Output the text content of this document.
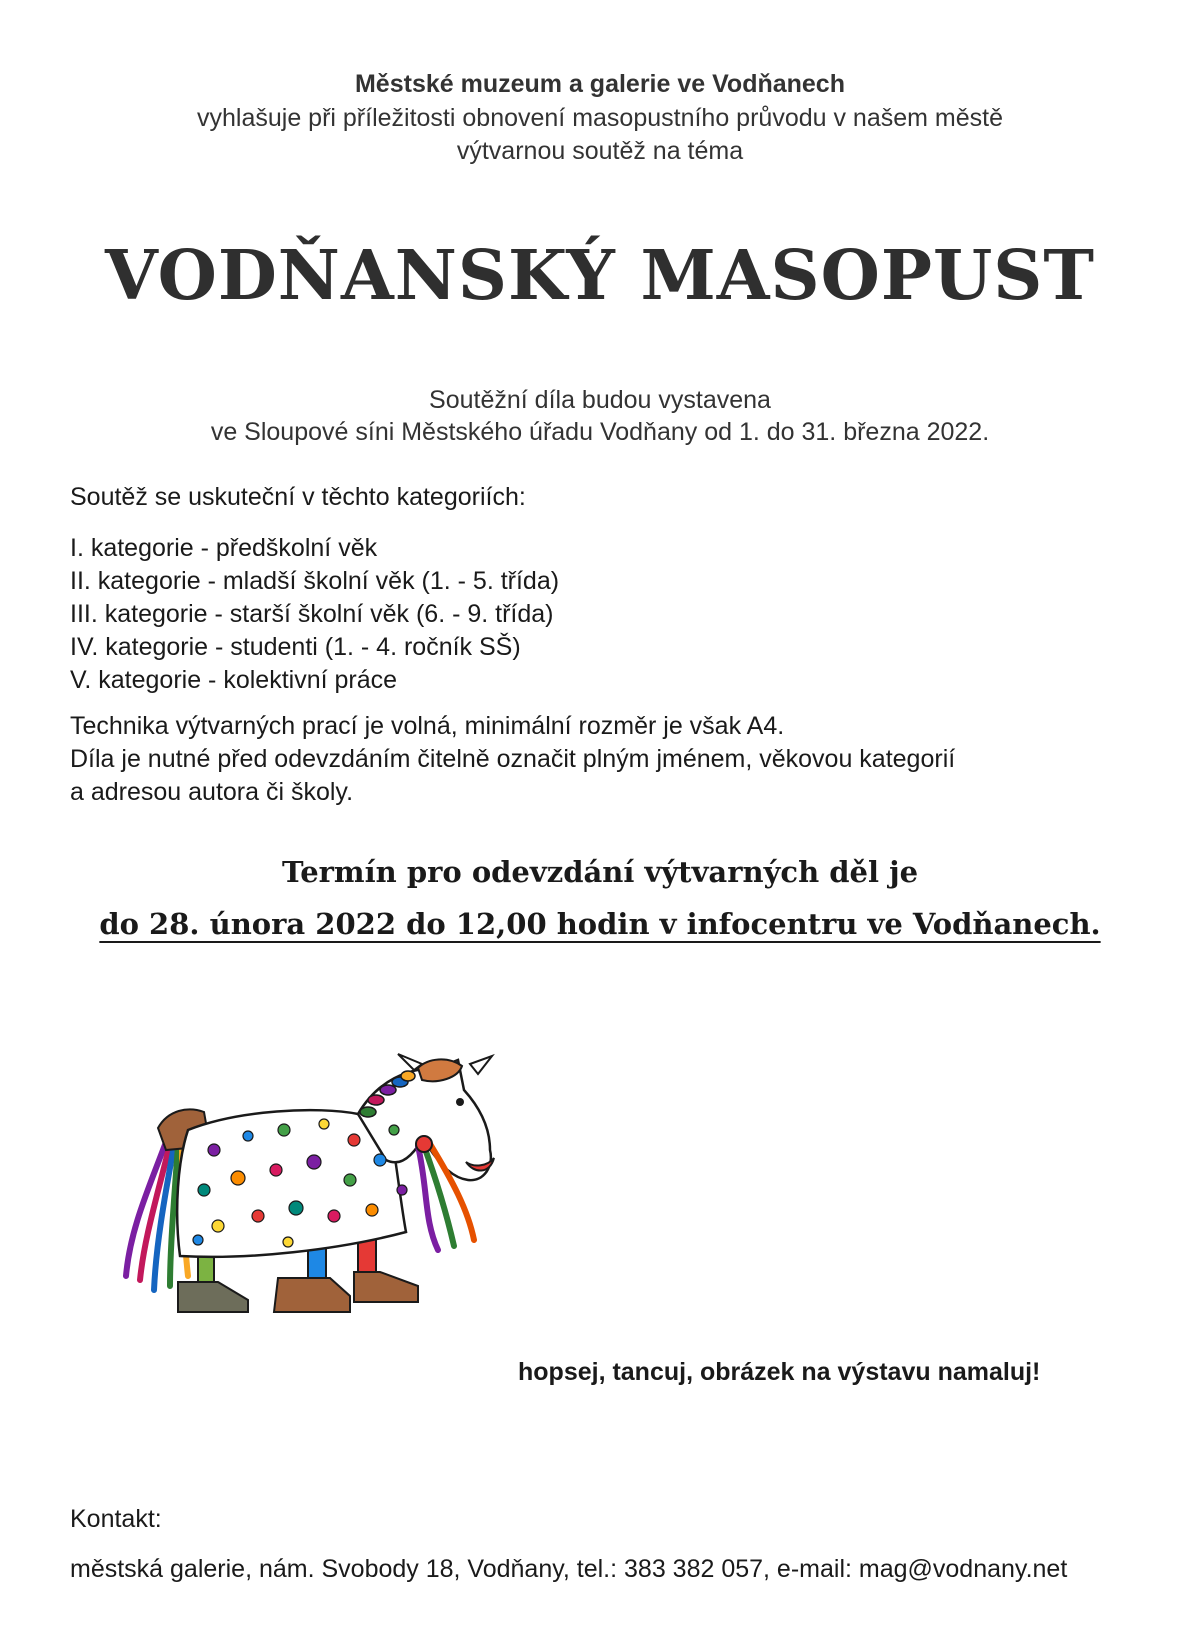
Městské muzeum a galerie ve Vodňanech
vyhlašuje při příležitosti obnovení masopustního průvodu v našem městě
výtvarnou soutěž na téma
VODŇANSKÝ MASOPUST
Soutěžní díla budou vystavena
ve Sloupové síni Městského úřadu Vodňany od 1. do 31. března 2022.
Soutěž se uskuteční v těchto kategoriích:
I. kategorie - předškolní věk
II. kategorie - mladší školní věk (1. - 5. třída)
III. kategorie - starší školní věk (6. - 9. třída)
IV. kategorie - studenti (1. - 4. ročník SŠ)
V. kategorie - kolektivní práce
Technika výtvarných prací je volná, minimální rozměr je však A4.
Díla je nutné před odevzdáním čitelně označit plným jménem, věkovou kategorií
a adresou autora či školy.
Termín pro odevzdání výtvarných děl je
do 28. února 2022 do 12,00 hodin v infocentru ve Vodňanech.
hopsej, tancuj, obrázek na výstavu namaluj!
Kontakt:
městská galerie, nám. Svobody 18, Vodňany, tel.: 383 382 057, e-mail: mag@vodnany.net
